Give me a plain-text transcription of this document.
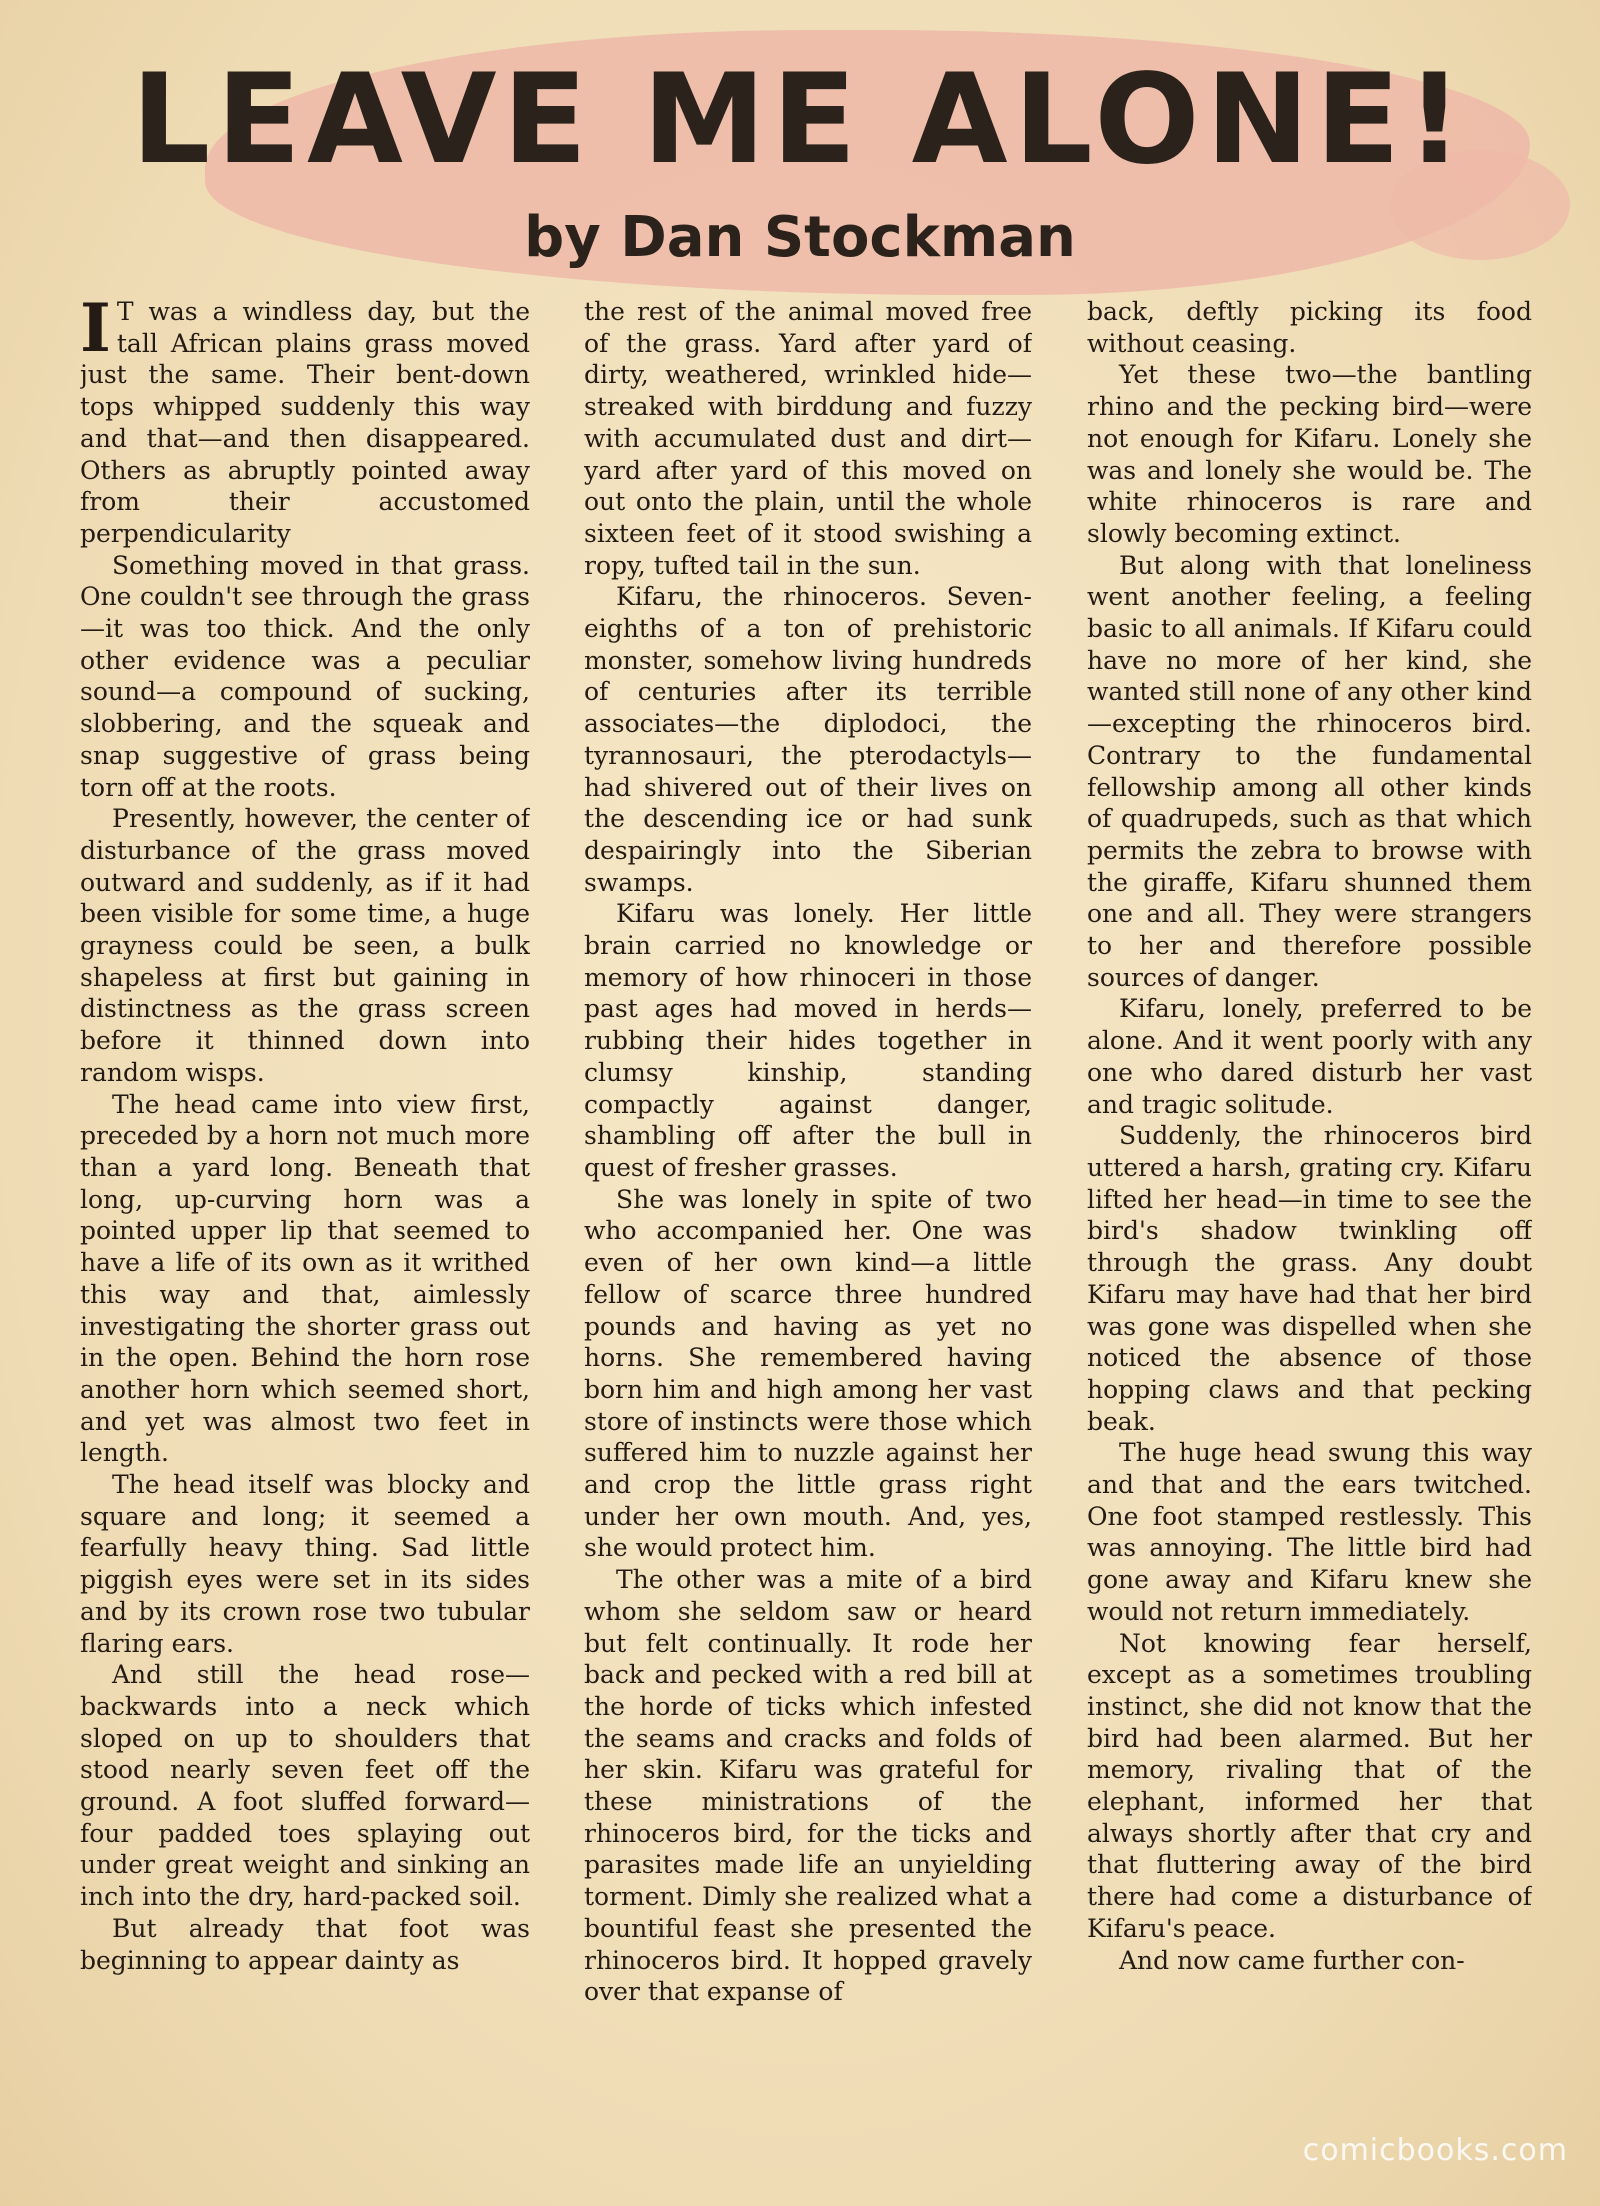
LEAVE ME ALONE!
by Dan Stockman

I T was a windless day, but the tall African plains grass moved just the same. Their bent-down tops whipped suddenly this way and that—and then disappeared. Others as abruptly pointed away from their accustomed perpendicularity

Something moved in that grass. One couldn't see through the grass—it was too thick. And the only other evidence was a peculiar sound—a compound of sucking, slobbering, and the squeak and snap suggestive of grass being torn off at the roots.

Presently, however, the center of disturbance of the grass moved outward and suddenly, as if it had been visible for some time, a huge grayness could be seen, a bulk shapeless at first but gaining in distinctness as the grass screen before it thinned down into random wisps.

The head came into view first, preceded by a horn not much more than a yard long. Beneath that long, up-curving horn was a pointed upper lip that seemed to have a life of its own as it writhed this way and that, aimlessly investigating the shorter grass out in the open. Behind the horn rose another horn which seemed short, and yet was almost two feet in length.

The head itself was blocky and square and long; it seemed a fearfully heavy thing. Sad little piggish eyes were set in its sides and by its crown rose two tubular flaring ears.

And still the head rose—backwards into a neck which sloped on up to shoulders that stood nearly seven feet off the ground. A foot sluffed forward—four padded toes splaying out under great weight and sinking an inch into the dry, hard-packed soil.

But already that foot was beginning to appear dainty as

the rest of the animal moved free of the grass. Yard after yard of dirty, weathered, wrinkled hide—streaked with birddung and fuzzy with accumulated dust and dirt—yard after yard of this moved on out onto the plain, until the whole sixteen feet of it stood swishing a ropy, tufted tail in the sun.

Kifaru, the rhinoceros. Seven-eighths of a ton of prehistoric monster, somehow living hundreds of centuries after its terrible associates—the diplodoci, the tyrannosauri, the pterodactyls—had shivered out of their lives on the descending ice or had sunk despairingly into the Siberian swamps.

Kifaru was lonely. Her little brain carried no knowledge or memory of how rhinoceri in those past ages had moved in herds—rubbing their hides together in clumsy kinship, standing compactly against danger, shambling off after the bull in quest of fresher grasses.

She was lonely in spite of two who accompanied her. One was even of her own kind—a little fellow of scarce three hundred pounds and having as yet no horns. She remembered having born him and high among her vast store of instincts were those which suffered him to nuzzle against her and crop the little grass right under her own mouth. And, yes, she would protect him.

The other was a mite of a bird whom she seldom saw or heard but felt continually. It rode her back and pecked with a red bill at the horde of ticks which infested the seams and cracks and folds of her skin. Kifaru was grateful for these ministrations of the rhinoceros bird, for the ticks and parasites made life an unyielding torment. Dimly she realized what a bountiful feast she presented the rhinoceros bird. It hopped gravely over that expanse of

back, deftly picking its food without ceasing.

Yet these two—the bantling rhino and the pecking bird—were not enough for Kifaru. Lonely she was and lonely she would be. The white rhinoceros is rare and slowly becoming extinct.

But along with that loneliness went another feeling, a feeling basic to all animals. If Kifaru could have no more of her kind, she wanted still none of any other kind—excepting the rhinoceros bird. Contrary to the fundamental fellowship among all other kinds of quadrupeds, such as that which permits the zebra to browse with the giraffe, Kifaru shunned them one and all. They were strangers to her and therefore possible sources of danger.

Kifaru, lonely, preferred to be alone. And it went poorly with any one who dared disturb her vast and tragic solitude.

Suddenly, the rhinoceros bird uttered a harsh, grating cry. Kifaru lifted her head—in time to see the bird's shadow twinkling off through the grass. Any doubt Kifaru may have had that her bird was gone was dispelled when she noticed the absence of those hopping claws and that pecking beak.

The huge head swung this way and that and the ears twitched. One foot stamped restlessly. This was annoying. The little bird had gone away and Kifaru knew she would not return immediately.

Not knowing fear herself, except as a sometimes troubling instinct, she did not know that the bird had been alarmed. But her memory, rivaling that of the elephant, informed her that always shortly after that cry and that fluttering away of the bird there had come a disturbance of Kifaru's peace.

And now came further con-

comicbooks.com
